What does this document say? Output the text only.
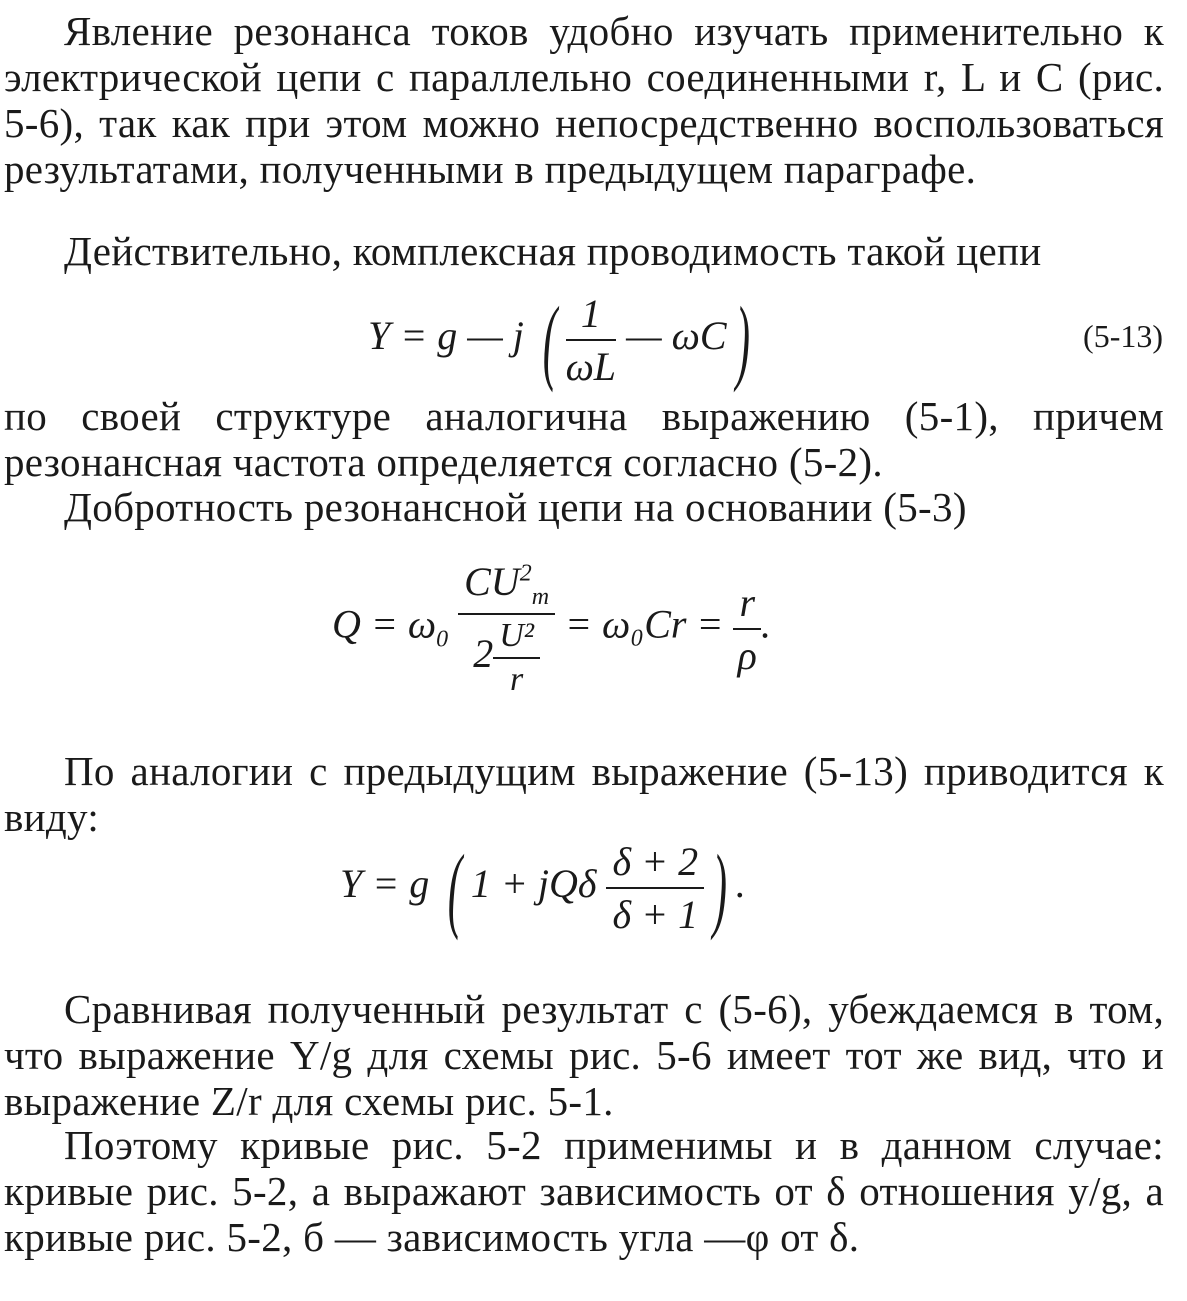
Явление резонанса токов удобно изучать применительно к электрической цепи с параллельно соединенными r, L и C (рис. 5-6), так как при этом можно непосредственно воспользоваться результатами, полученными в предыдущем параграфе.
Действительно, комплексная проводимость такой цепи
Y = g — j ( $\frac{1}{\omega L}$ — ωC)	(5-13)
по своей структуре аналогична выражению (5-1), причем резонансная частота определяется согласно (5-2).
Добротность резонансной цепи на основании (5-3)
$Q = \omega_0 \frac{CU^2_m}{2 \frac{\text{U²}}{r}} = \omega_0Cr = \frac{r}{\rho}$ .
По аналогии с предыдущим выражение (5-13) приводится к виду:
Y = g ( 1 + jQδ $\frac{\delta + 2}{\delta + 1}$ ) .
Сравнивая полученный результат с (5-6), убеждаемся в том, что выражение Y/g для схемы рис. 5-6 имеет тот же вид, что и выражение Z/r для схемы рис. 5-1.
Поэтому кривые рис. 5-2 применимы и в данном случае: кривые рис. 5-2, а выражают зависимость от δ отношения y/g, а кривые рис. 5-2, б — зависимость угла —φ от δ.
